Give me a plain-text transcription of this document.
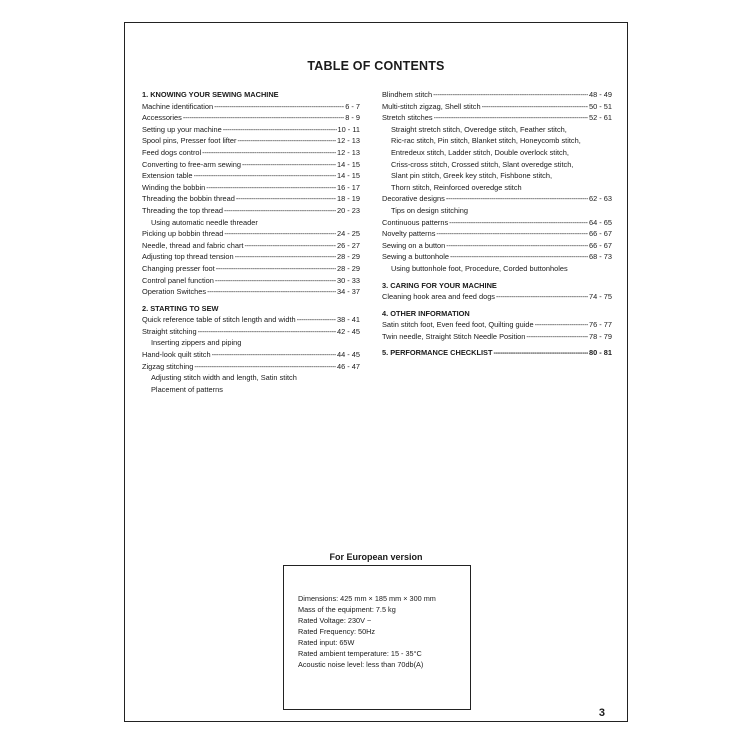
TABLE OF CONTENTS
1. KNOWING YOUR SEWING MACHINE
Machine identification -----	6 - 7
Accessories -----	8 - 9
Setting up your machine -----	10 - 11
Spool pins, Presser foot lifter -----	12 - 13
Feed dogs control -----	12 - 13
Converting to free-arm sewing -----	14 - 15
Extension table -----	14 - 15
Winding the bobbin -----	16 - 17
Threading the bobbin thread -----	18 - 19
Threading the top thread -----	20 - 23
Using automatic needle threader
Picking up bobbin thread -----	24 - 25
Needle, thread and fabric chart -----	26 - 27
Adjusting top thread tension -----	28 - 29
Changing presser foot -----	28 - 29
Control panel function -----	30 - 33
Operation Switches -----	34 - 37
2. STARTING TO SEW
Quick reference table of stitch length and width -----	38 - 41
Straight stitching -----	42 - 45
Inserting zippers and piping
Hand-look quilt stitch -----	44 - 45
Zigzag stitching -----	46 - 47
Adjusting stitch width and length, Satin stitch
Placement of patterns
Blindhem stitch -----	48 - 49
Multi-stitch zigzag, Shell stitch -----	50 - 51
Stretch stitches -----	52 - 61
Straight stretch stitch, Overedge stitch, Feather stitch,
Ric-rac stitch, Pin stitch, Blanket stitch, Honeycomb stitch,
Entredeux stitch, Ladder stitch, Double overlock stitch,
Criss-cross stitch, Crossed stitch, Slant overedge stitch,
Slant pin stitch, Greek key stitch, Fishbone stitch,
Thorn stitch, Reinforced overedge stitch
Decorative designs -----	62 - 63
Tips on design stitching
Continuous patterns -----	64 - 65
Novelty patterns -----	66 - 67
Sewing on a button -----	66 - 67
Sewing a buttonhole -----	68 - 73
Using buttonhole foot, Procedure, Corded buttonholes
3. CARING FOR YOUR MACHINE
Cleaning hook area and feed dogs -----	74 - 75
4. OTHER INFORMATION
Satin stitch foot, Even feed foot, Quilting guide -----	76 - 77
Twin needle, Straight Stitch Needle Position -----	78 - 79
5. PERFORMANCE CHECKLIST -----	80 - 81
For European version
Dimensions: 425 mm × 185 mm × 300 mm
Mass of the equipment: 7.5 kg
Rated Voltage: 230V ~
Rated Frequency: 50Hz
Rated input: 65W
Rated ambient temperature: 15 - 35°C
Acoustic noise level: less than 70db(A)
3
